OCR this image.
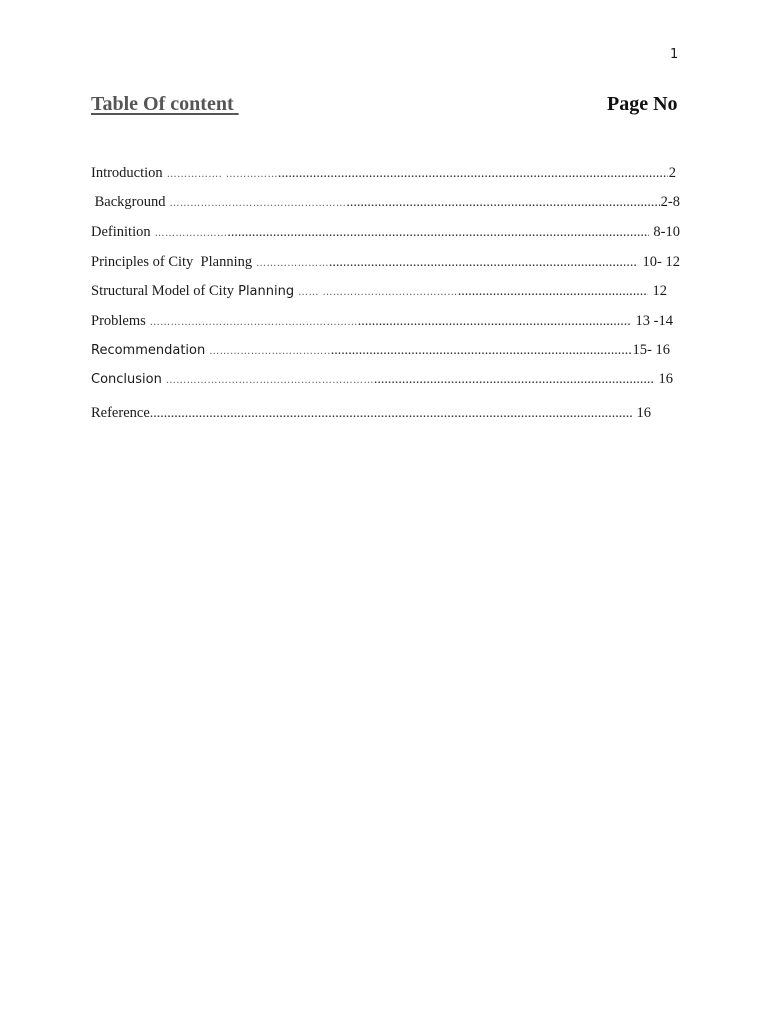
1
Table Of content	Page No
Introduction ……………. …………… .....	2
Background …………………………………………… .....	2-8
Definition ………………… .....	8-10
Principles of City  Planning ………………… .....	10- 12
Structural Model of City Planning …… ………………………………… .....	12
Problems …………………………………………………… .....	13 -14
Recommendation …………………………….. .....	15- 16
Conclusion …………………………………………………… .....	16
Reference .....	16
